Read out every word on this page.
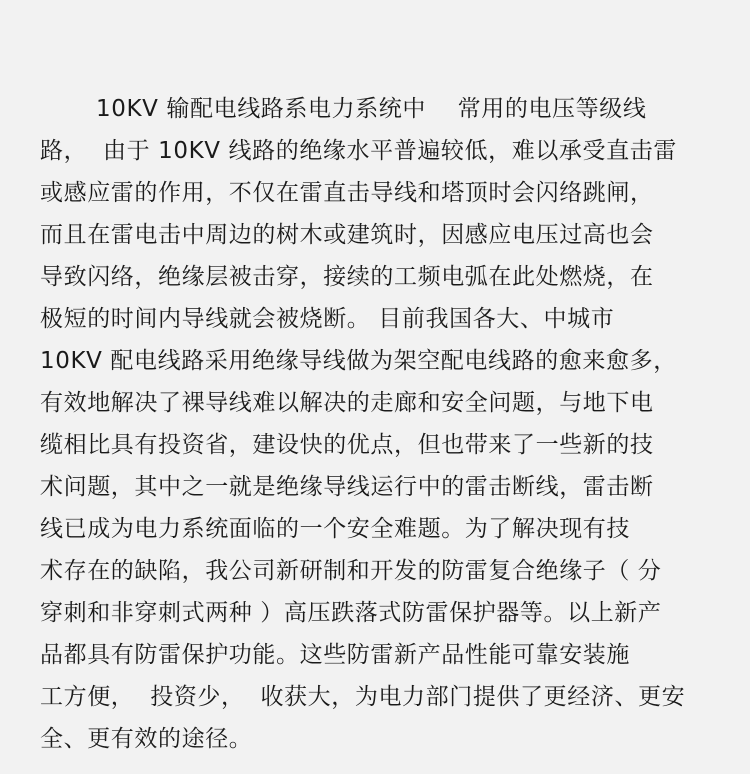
10KV 输配电线路系电力系统中    常用的电压等级线
路，  由于 10KV 线路的绝缘水平普遍较低，难以承受直击雷
或感应雷的作用，不仅在雷直击导线和塔顶时会闪络跳闸，
而且在雷电击中周边的树木或建筑时，因感应电压过高也会
导致闪络，绝缘层被击穿，接续的工频电弧在此处燃烧，在
极短的时间内导线就会被烧断。 目前我国各大、中城市
10KV 配电线路采用绝缘导线做为架空配电线路的愈来愈多，
有效地解决了裸导线难以解决的走廊和安全问题，与地下电
缆相比具有投资省，建设快的优点，但也带来了一些新的技
术问题，其中之一就是绝缘导线运行中的雷击断线，雷击断
线已成为电力系统面临的一个安全难题。为了解决现有技
术存在的缺陷，我公司新研制和开发的防雷复合绝缘子（ 分
穿刺和非穿刺式两种 ）高压跌落式防雷保护器等。以上新产
品都具有防雷保护功能。这些防雷新产品性能可靠安装施
工方便，  投资少，  收获大，为电力部门提供了更经济、更安
全、更有效的途径。
